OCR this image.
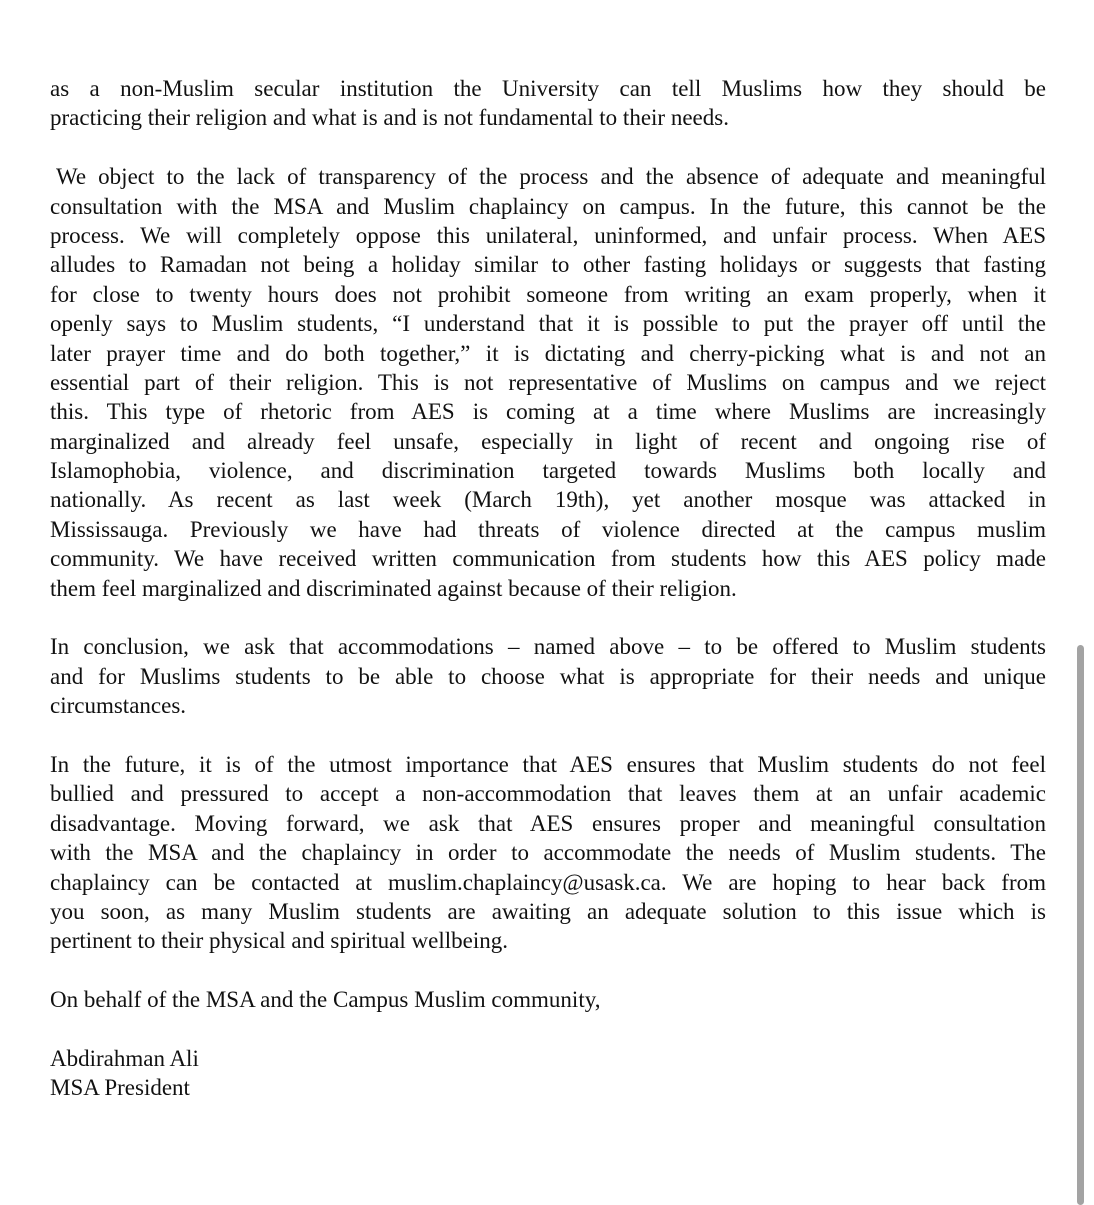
as a non-Muslim secular institution the University can tell Muslims how they should be
practicing their religion and what is and is not fundamental to their needs.
We object to the lack of transparency of the process and the absence of adequate and meaningful
consultation with the MSA and Muslim chaplaincy on campus. In the future, this cannot be the
process. We will completely oppose this unilateral, uninformed, and unfair process. When AES
alludes to Ramadan not being a holiday similar to other fasting holidays or suggests that fasting
for close to twenty hours does not prohibit someone from writing an exam properly, when it
openly says to Muslim students, “I understand that it is possible to put the prayer off until the
later prayer time and do both together,” it is dictating and cherry-picking what is and not an
essential part of their religion. This is not representative of Muslims on campus and we reject
this. This type of rhetoric from AES is coming at a time where Muslims are increasingly
marginalized and already feel unsafe, especially in light of recent and ongoing rise of
Islamophobia, violence, and discrimination targeted towards Muslims both locally and
nationally. As recent as last week (March 19th), yet another mosque was attacked in
Mississauga. Previously we have had threats of violence directed at the campus muslim
community. We have received written communication from students how this AES policy made
them feel marginalized and discriminated against because of their religion.
In conclusion, we ask that accommodations – named above – to be offered to Muslim students
and for Muslims students to be able to choose what is appropriate for their needs and unique
circumstances.
In the future, it is of the utmost importance that AES ensures that Muslim students do not feel
bullied and pressured to accept a non-accommodation that leaves them at an unfair academic
disadvantage. Moving forward, we ask that AES ensures proper and meaningful consultation
with the MSA and the chaplaincy in order to accommodate the needs of Muslim students. The
chaplaincy can be contacted at muslim.chaplaincy@usask.ca. We are hoping to hear back from
you soon, as many Muslim students are awaiting an adequate solution to this issue which is
pertinent to their physical and spiritual wellbeing.
On behalf of the MSA and the Campus Muslim community,
Abdirahman Ali
MSA President
